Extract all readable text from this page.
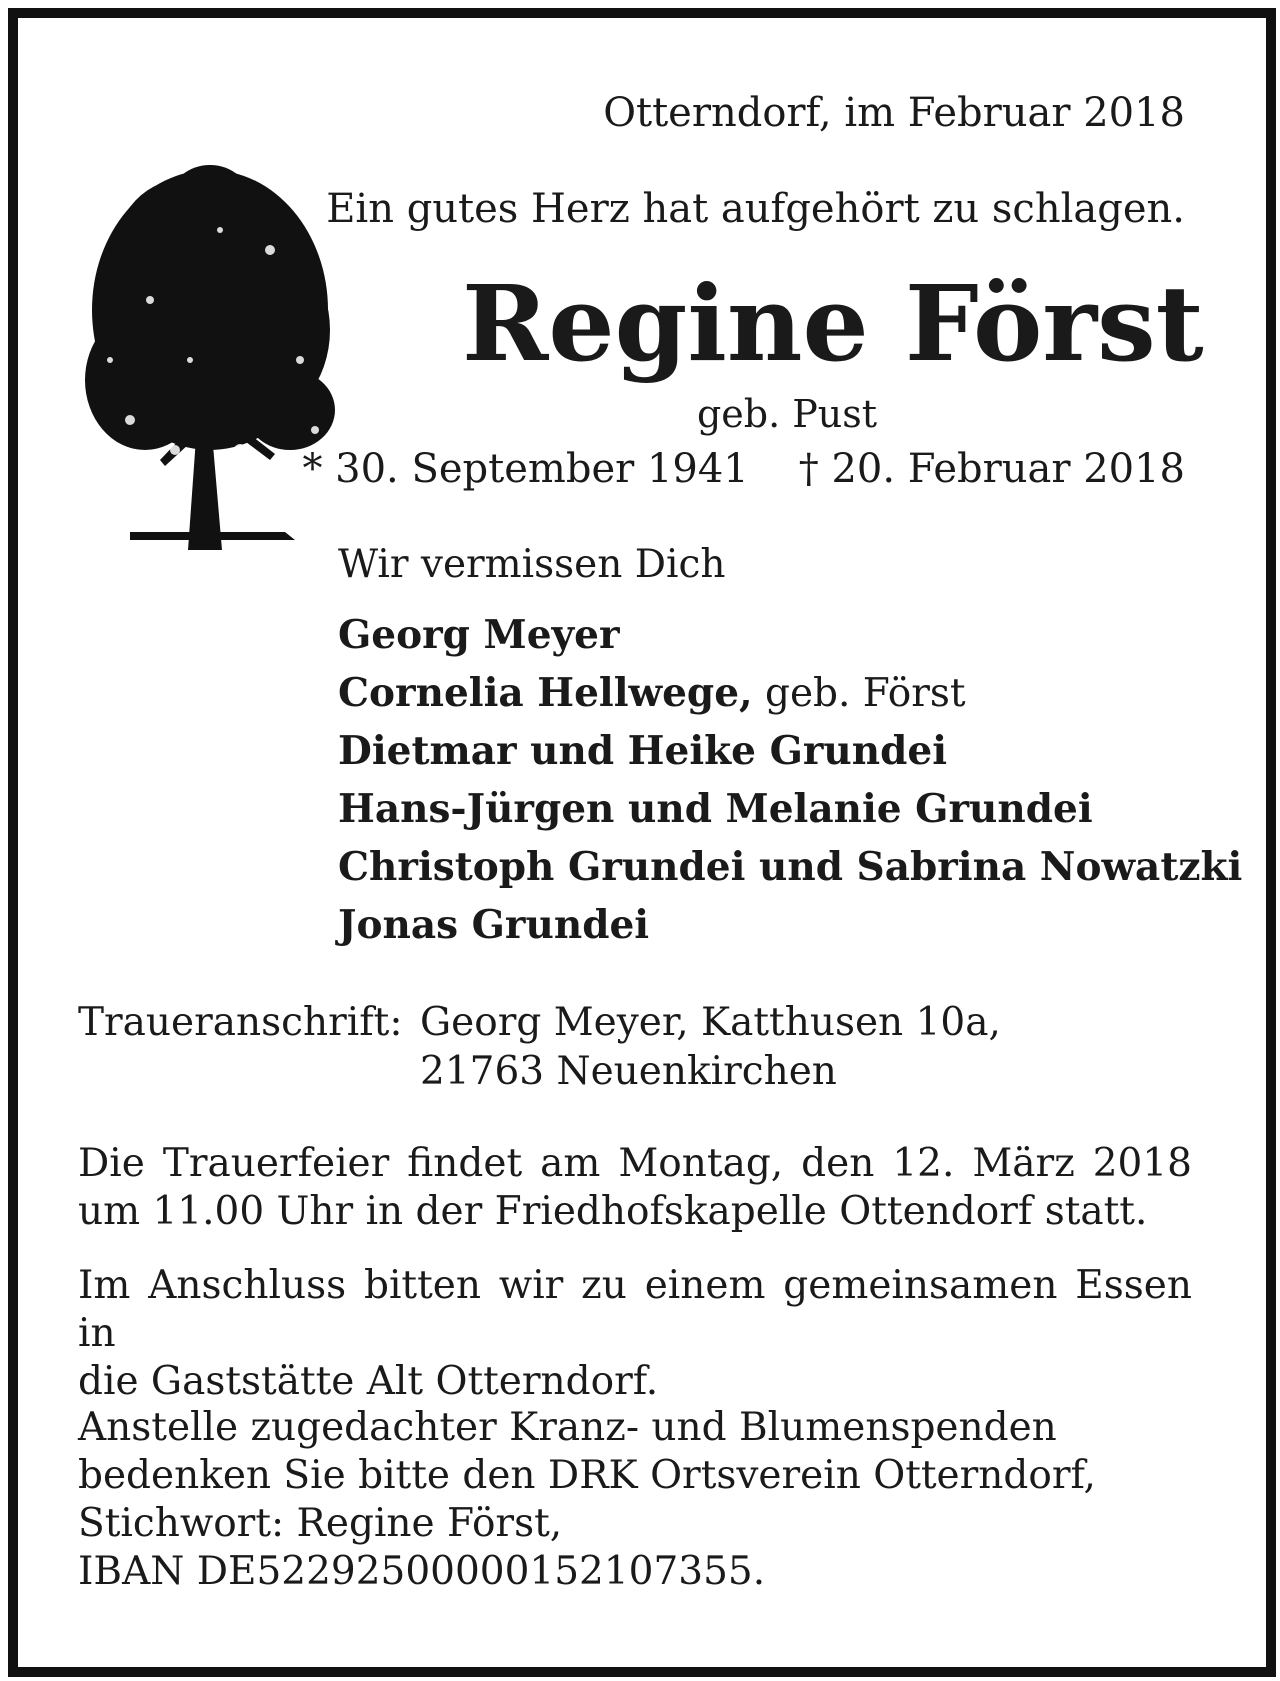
Otterndorf, im Februar 2018
Ein gutes Herz hat aufgehört zu schlagen.
Regine Först
geb. Pust
* 30. September 1941 † 20. Februar 2018
Wir vermissen Dich
Georg Meyer
Cornelia Hellwege, geb. Först
Dietmar und Heike Grundei
Hans-Jürgen und Melanie Grundei
Christoph Grundei und Sabrina Nowatzki
Jonas Grundei
Traueranschrift: Georg Meyer, Katthusen 10a,
21763 Neuenkirchen
Die Trauerfeier findet am Montag, den 12. März 2018
um 11.00 Uhr in der Friedhofskapelle Ottendorf statt.
Im Anschluss bitten wir zu einem gemeinsamen Essen in
die Gaststätte Alt Otterndorf.
Anstelle zugedachter Kranz- und Blumenspenden
bedenken Sie bitte den DRK Ortsverein Otterndorf,
Stichwort: Regine Först,
IBAN DE52292500000152107355.
